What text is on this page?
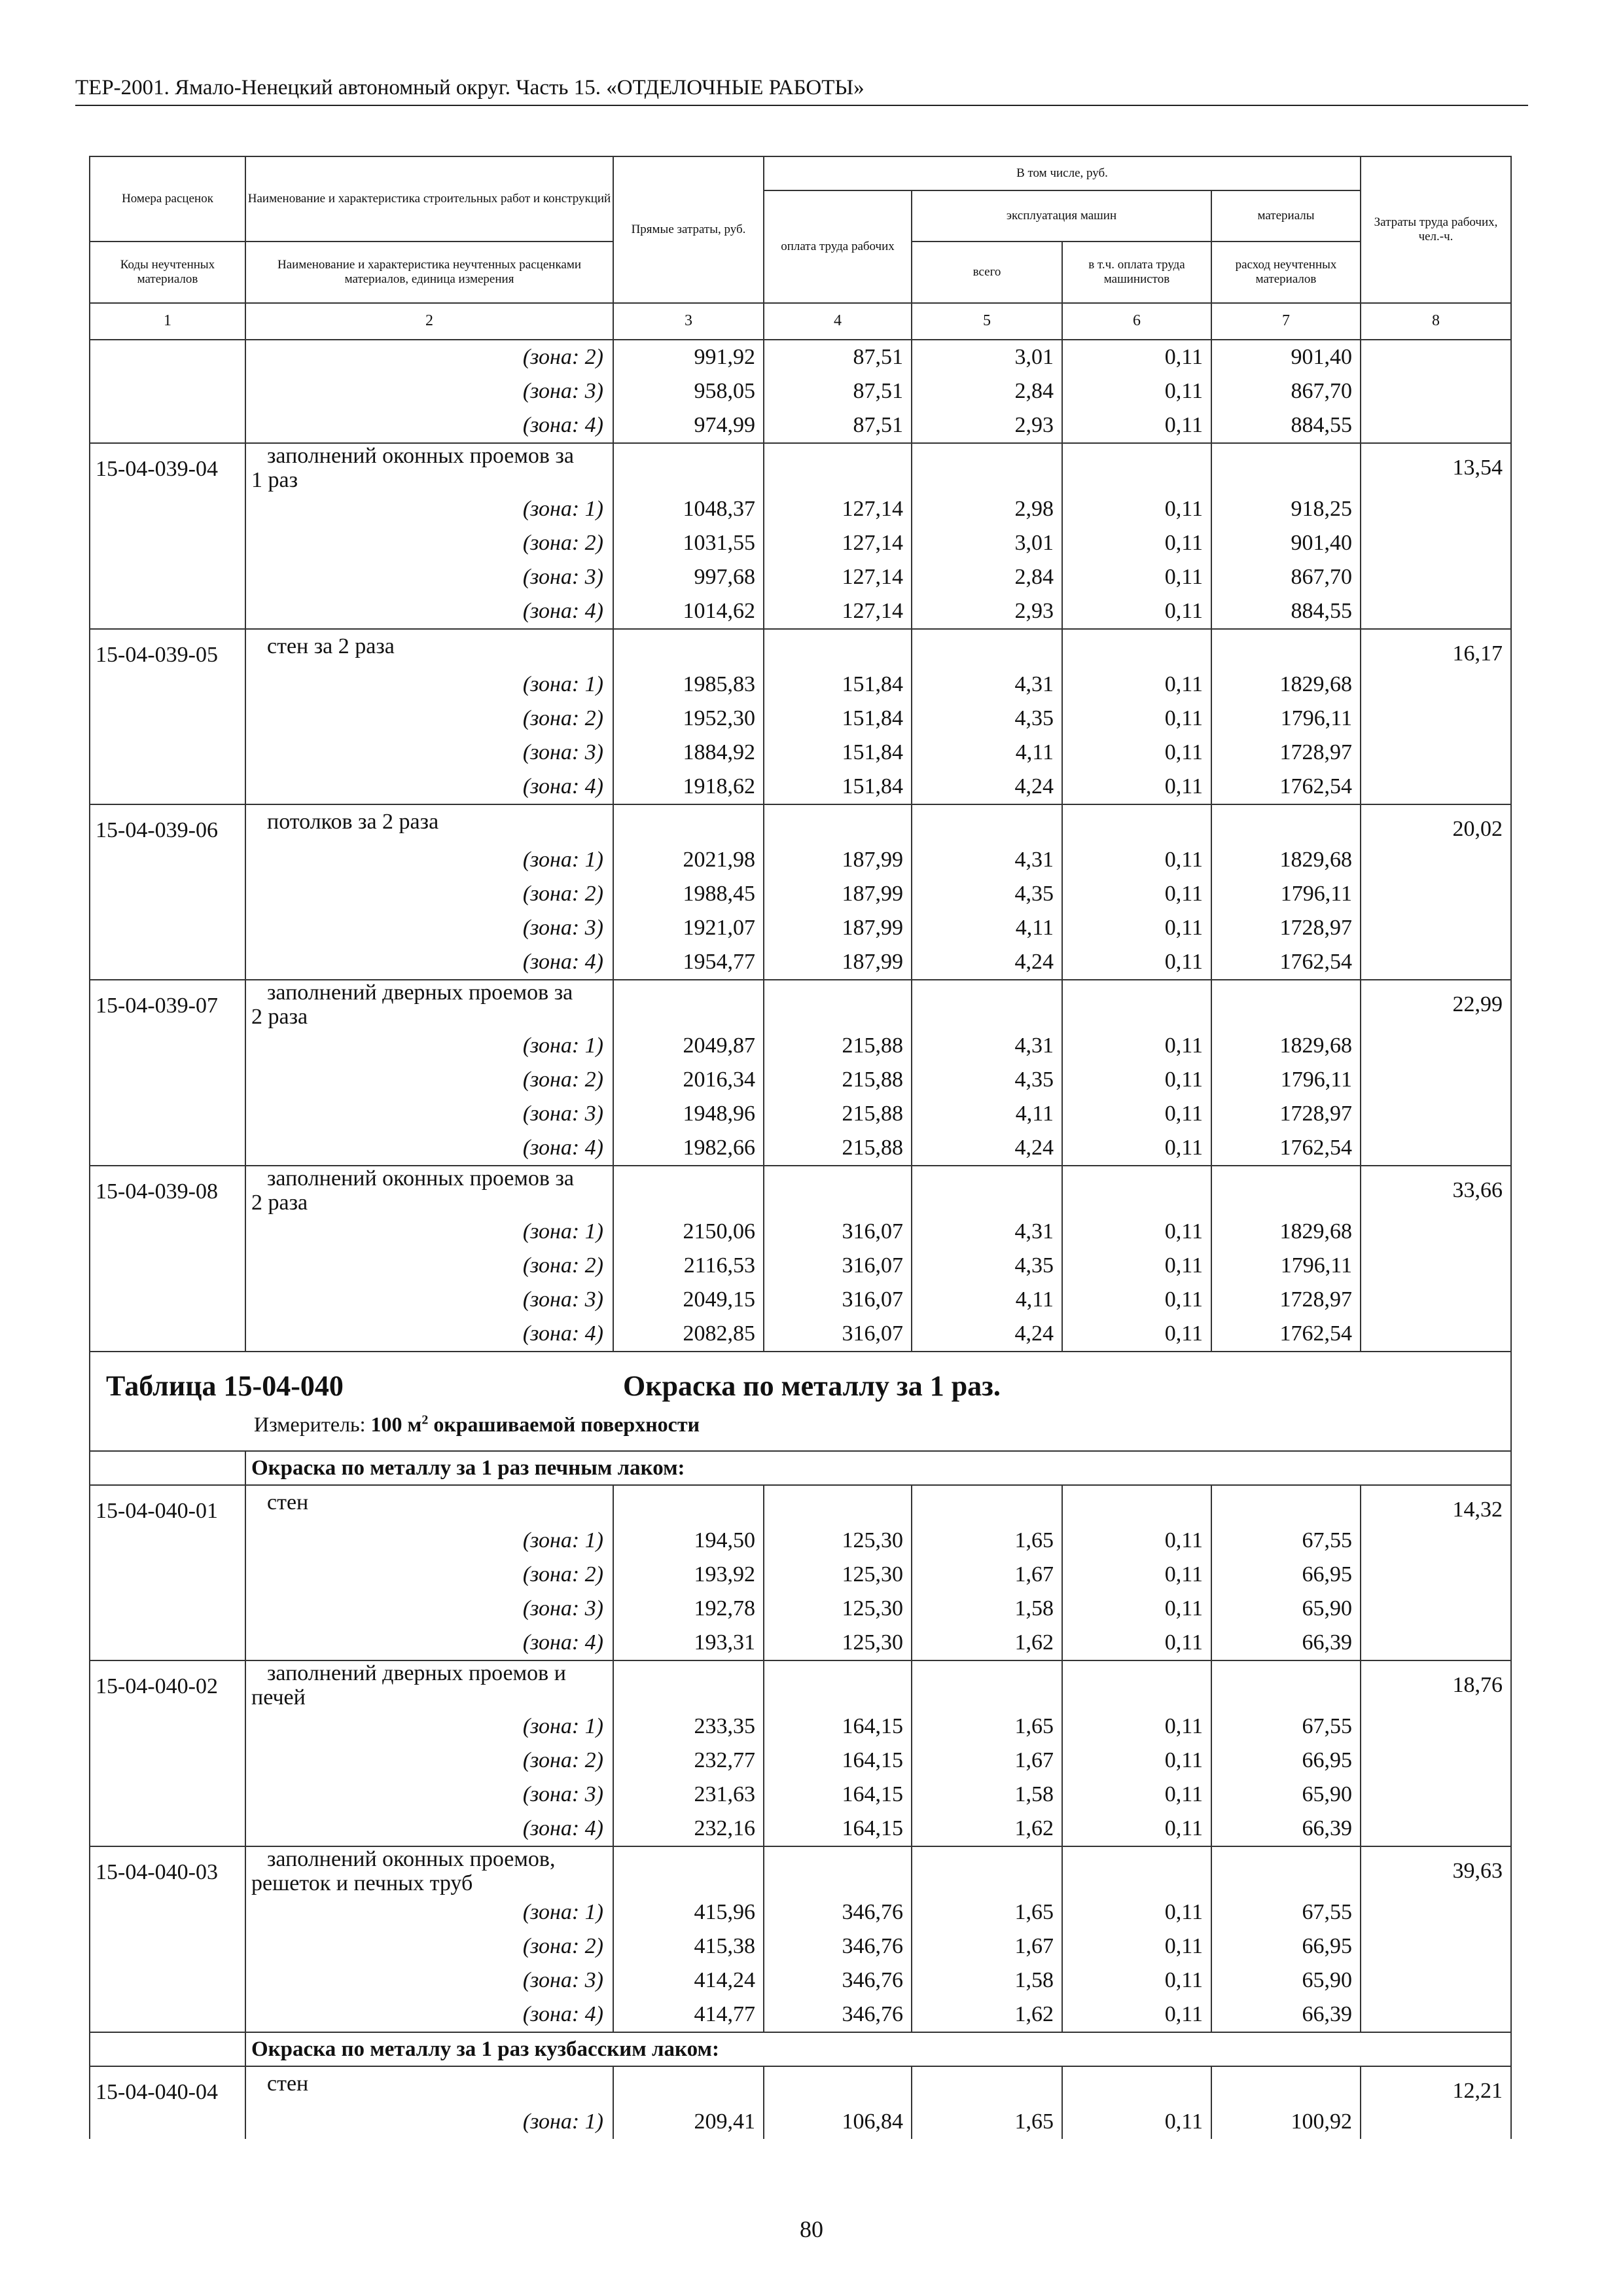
ТЕР-2001. Ямало-Ненецкий автономный округ. Часть 15. «ОТДЕЛОЧНЫЕ РАБОТЫ»
Номера расценок	Наименование и характеристика строительных работ и конструкций	Прямые затраты, руб.	В том числе, руб.				Затраты труда рабочих, чел.-ч.
			оплата труда рабочих	эксплуатация машин		материалы	
Коды неучтенных материалов	Наименование и характеристика неучтенных расценками материалов, единица измерения			всего	в т.ч. оплата труда машинистов	расход неучтенных материалов	
1	2	3	4	5	6	7	8
	(зона: 2)	991,92	87,51	3,01	0,11	901,40	
	(зона: 3)	958,05	87,51	2,84	0,11	867,70	
	(зона: 4)	974,99	87,51	2,93	0,11	884,55	
15-04-039-04	заполнений оконных проемов за
1 раз						13,54
	(зона: 1)	1048,37	127,14	2,98	0,11	918,25	
	(зона: 2)	1031,55	127,14	3,01	0,11	901,40	
	(зона: 3)	997,68	127,14	2,84	0,11	867,70	
	(зона: 4)	1014,62	127,14	2,93	0,11	884,55	
15-04-039-05	стен за 2 раза						16,17
	(зона: 1)	1985,83	151,84	4,31	0,11	1829,68	
	(зона: 2)	1952,30	151,84	4,35	0,11	1796,11	
	(зона: 3)	1884,92	151,84	4,11	0,11	1728,97	
	(зона: 4)	1918,62	151,84	4,24	0,11	1762,54	
15-04-039-06	потолков за 2 раза						20,02
	(зона: 1)	2021,98	187,99	4,31	0,11	1829,68	
	(зона: 2)	1988,45	187,99	4,35	0,11	1796,11	
	(зона: 3)	1921,07	187,99	4,11	0,11	1728,97	
	(зона: 4)	1954,77	187,99	4,24	0,11	1762,54	
15-04-039-07	заполнений дверных проемов за
2 раза						22,99
	(зона: 1)	2049,87	215,88	4,31	0,11	1829,68	
	(зона: 2)	2016,34	215,88	4,35	0,11	1796,11	
	(зона: 3)	1948,96	215,88	4,11	0,11	1728,97	
	(зона: 4)	1982,66	215,88	4,24	0,11	1762,54	
15-04-039-08	заполнений оконных проемов за
2 раза						33,66
	(зона: 1)	2150,06	316,07	4,31	0,11	1829,68	
	(зона: 2)	2116,53	316,07	4,35	0,11	1796,11	
	(зона: 3)	2049,15	316,07	4,11	0,11	1728,97	
	(зона: 4)	2082,85	316,07	4,24	0,11	1762,54	

Таблица 15-04-040 Окраска по металлу за 1 раз.
Измеритель: 100 $м^2$ окрашиваемой поверхности							

	Окраска по металлу за 1 раз печным лаком:						
15-04-040-01	стен						14,32
	(зона: 1)	194,50	125,30	1,65	0,11	67,55	
	(зона: 2)	193,92	125,30	1,67	0,11	66,95	
	(зона: 3)	192,78	125,30	1,58	0,11	65,90	
	(зона: 4)	193,31	125,30	1,62	0,11	66,39	
15-04-040-02	заполнений дверных проемов и
печей						18,76
	(зона: 1)	233,35	164,15	1,65	0,11	67,55	
	(зона: 2)	232,77	164,15	1,67	0,11	66,95	
	(зона: 3)	231,63	164,15	1,58	0,11	65,90	
	(зона: 4)	232,16	164,15	1,62	0,11	66,39	
15-04-040-03	заполнений оконных проемов,
решеток и печных труб						39,63
	(зона: 1)	415,96	346,76	1,65	0,11	67,55	
	(зона: 2)	415,38	346,76	1,67	0,11	66,95	
	(зона: 3)	414,24	346,76	1,58	0,11	65,90	
	(зона: 4)	414,77	346,76	1,62	0,11	66,39	
	Окраска по металлу за 1 раз кузбасским лаком:						
15-04-040-04	стен						12,21
	(зона: 1)	209,41	106,84	1,65	0,11	100,92	
80
